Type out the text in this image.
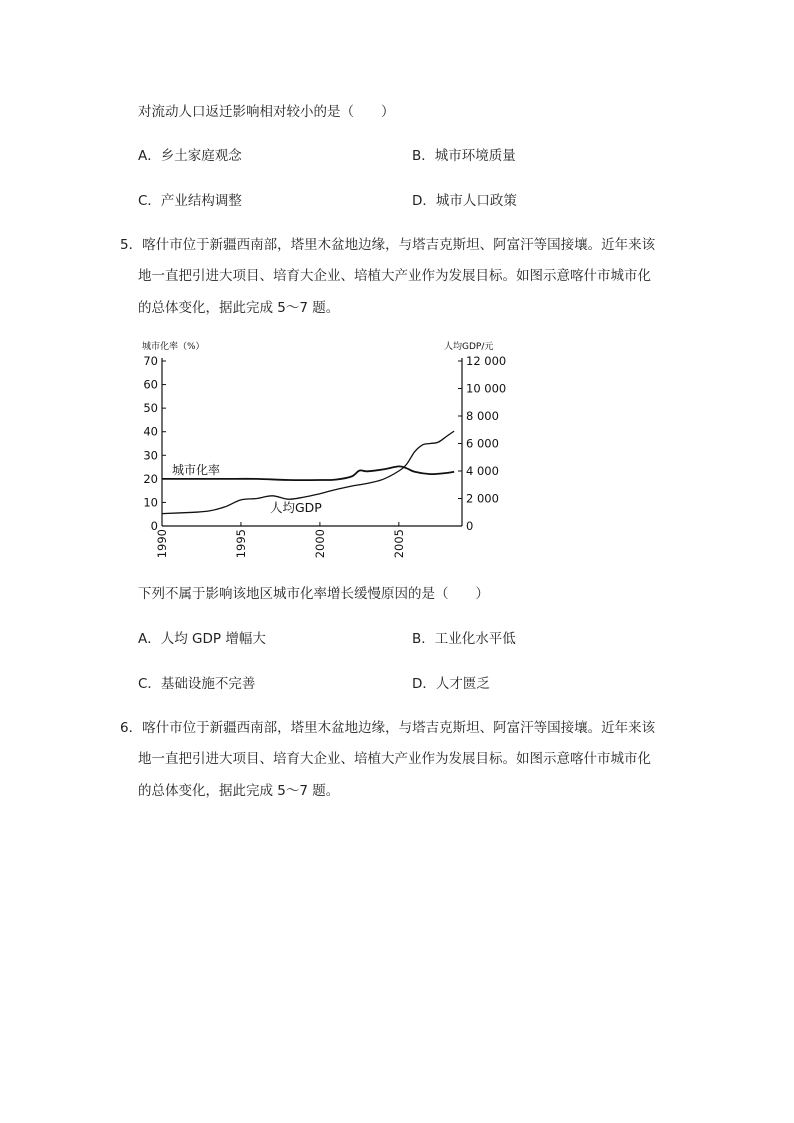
对流动人口返迁影响相对较小的是（　　）
A．乡土家庭观念	B．城市环境质量
C．产业结构调整	D．城市人口政策
5．喀什市位于新疆西南部，塔里木盆地边缘，与塔吉克斯坦、阿富汗等国接壤。近年来该
地一直把引进大项目、培育大企业、培植大产业作为发展目标。如图示意喀什市城市化
的总体变化，据此完成 5～7 题。
0
10
20
30
40
50
60
70
0
2 000
4 000
6 000
8 000
10 000
12 000
1990	1995	2000	2005
城市化率（%）	人均GDP/元
城市化率
人均GDP
下列不属于影响该地区城市化率增长缓慢原因的是（　　）
A．人均 GDP 增幅大	B．工业化水平低
C．基础设施不完善	D．人才匮乏
6．喀什市位于新疆西南部，塔里木盆地边缘，与塔吉克斯坦、阿富汗等国接壤。近年来该
地一直把引进大项目、培育大企业、培植大产业作为发展目标。如图示意喀什市城市化
的总体变化，据此完成 5～7 题。
